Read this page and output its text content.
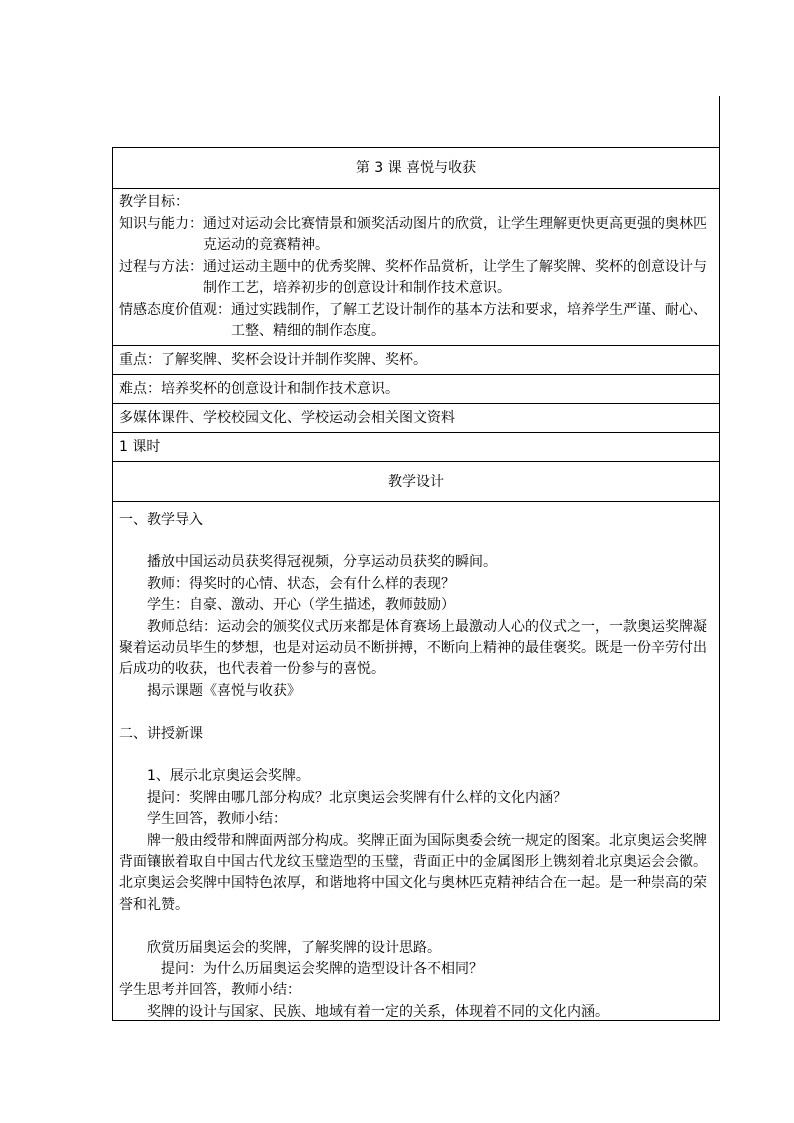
第 3 课 喜悦与收获
教学目标：
知识与能力： 通过对运动会比赛情景和颁奖活动图片的欣赏，让学生理解更快更高更强的奥林匹克运动的竞赛精神。
过程与方法： 通过运动主题中的优秀奖牌、奖杯作品赏析，让学生了解奖牌、奖杯的创意设计与制作工艺，培养初步的创意设计和制作技术意识。
情感态度价值观： 通过实践制作，了解工艺设计制作的基本方法和要求，培养学生严谨、耐心、工整、精细的制作态度。
重点：了解奖牌、奖杯会设计并制作奖牌、奖杯。
难点：培养奖杯的创意设计和制作技术意识。
多媒体课件、学校校园文化、学校运动会相关图文资料
1 课时
教学设计

一、教学导入

播放中国运动员获奖得冠视频，分享运动员获奖的瞬间。

教师：得奖时的心情、状态，会有什么样的表现？

学生：自豪、激动、开心（学生描述，教师鼓励）

教师总结：运动会的颁奖仪式历来都是体育赛场上最激动人心的仪式之一，一款奥运奖牌凝聚着运动员毕生的梦想，也是对运动员不断拼搏，不断向上精神的最佳褒奖。既是一份辛劳付出后成功的收获，也代表着一份参与的喜悦。

揭示课题《喜悦与收获》

二、讲授新课

1、展示北京奥运会奖牌。

提问：奖牌由哪几部分构成？北京奥运会奖牌有什么样的文化内涵？

学生回答，教师小结：

牌一般由绶带和牌面两部分构成。奖牌正面为国际奥委会统一规定的图案。北京奥运会奖牌背面镶嵌着取自中国古代龙纹玉璧造型的玉璧，背面正中的金属图形上镌刻着北京奥运会会徽。北京奥运会奖牌中国特色浓厚，和谐地将中国文化与奥林匹克精神结合在一起。是一种崇高的荣誉和礼赞。

欣赏历届奥运会的奖牌，了解奖牌的设计思路。

提问：为什么历届奥运会奖牌的造型设计各不相同？

学生思考并回答，教师小结：

奖牌的设计与国家、民族、地域有着一定的关系，体现着不同的文化内涵。
